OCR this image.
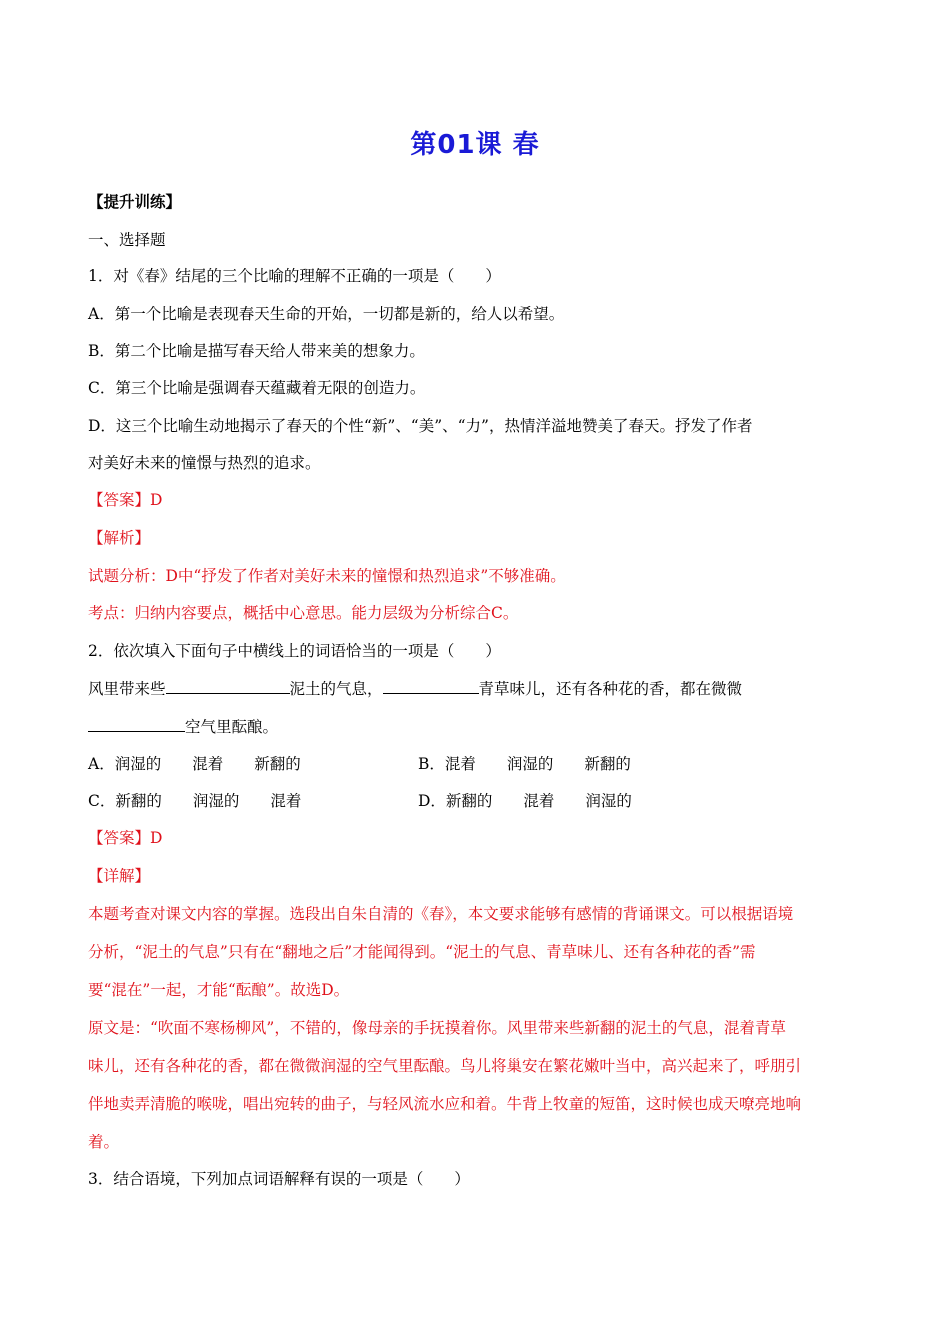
第01课 春
【提升训练】
一、选择题
1．对《春》结尾的三个比喻的理解不正确的一项是（　　）
A．第一个比喻是表现春天生命的开始，一切都是新的，给人以希望。
B．第二个比喻是描写春天给人带来美的想象力。
C．第三个比喻是强调春天蕴藏着无限的创造力。
D．这三个比喻生动地揭示了春天的个性“新”、“美”、“力”，热情洋溢地赞美了春天。抒发了作者
对美好未来的憧憬与热烈的追求。
【答案】D
【解析】
试题分析：D中“抒发了作者对美好未来的憧憬和热烈追求”不够准确。
考点：归纳内容要点，概括中心意思。能力层级为分析综合C。
2．依次填入下面句子中横线上的词语恰当的一项是（　　）
风里带来些	泥土的气息，	青草味儿，还有各种花的香，都在微微
空气里酝酿。
A．润湿的　　混着　　新翻的	B．混着　　润湿的　　新翻的
C．新翻的　　润湿的　　混着	D．新翻的　　混着　　润湿的
【答案】D
【详解】
本题考查对课文内容的掌握。选段出自朱自清的《春》，本文要求能够有感情的背诵课文。可以根据语境
分析，“泥土的气息”只有在“翻地之后”才能闻得到。“泥土的气息、青草味儿、还有各种花的香”需
要“混在”一起，才能“酝酿”。故选D。
原文是：“吹面不寒杨柳风”，不错的，像母亲的手抚摸着你。风里带来些新翻的泥土的气息，混着青草
味儿，还有各种花的香，都在微微润湿的空气里酝酿。鸟儿将巢安在繁花嫩叶当中，高兴起来了，呼朋引
伴地卖弄清脆的喉咙，唱出宛转的曲子，与轻风流水应和着。牛背上牧童的短笛，这时候也成天嘹亮地响
着。
3．结合语境，下列加点词语解释有误的一项是（　　）
